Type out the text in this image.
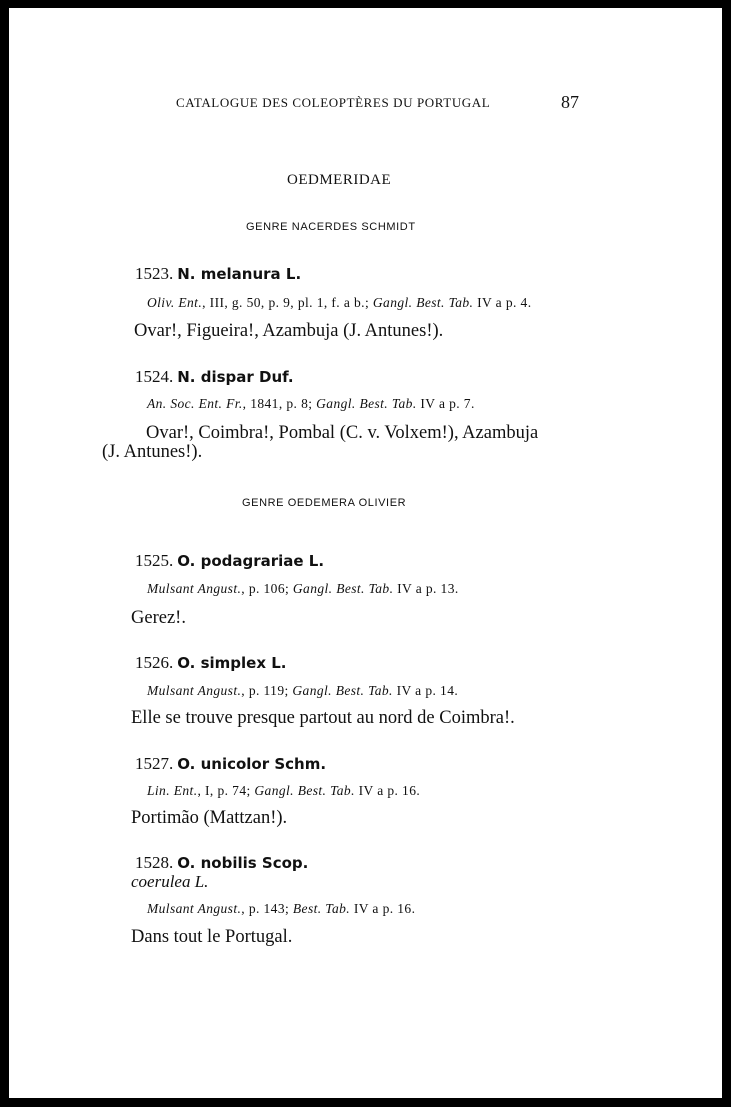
CATALOGUE DES COLEOPTÈRES DU PORTUGAL	87
OEDMERIDAE
GENRE NACERDES SCHMIDT
1523. N. melanura L.
Oliv. Ent., III, g. 50, p. 9, pl. 1, f. a b.; Gangl. Best. Tab. IV a p. 4.
Ovar!, Figueira!, Azambuja (J. Antunes!).
1524. N. dispar Duf.
An. Soc. Ent. Fr., 1841, p. 8; Gangl. Best. Tab. IV a p. 7.
Ovar!, Coimbra!, Pombal (C. v. Volxem!), Azambuja
(J. Antunes!).
GENRE OEDEMERA OLIVIER
1525. O. podagrariae L.
Mulsant Angust., p. 106; Gangl. Best. Tab. IV a p. 13.
Gerez!.
1526. O. simplex L.
Mulsant Angust., p. 119; Gangl. Best. Tab. IV a p. 14.
Elle se trouve presque partout au nord de Coimbra!.
1527. O. unicolor Schm.
Lin. Ent., I, p. 74; Gangl. Best. Tab. IV a p. 16.
Portimão (Mattzan!).
1528. O. nobilis Scop.
coerulea L.
Mulsant Angust., p. 143; Best. Tab. IV a p. 16.
Dans tout le Portugal.
